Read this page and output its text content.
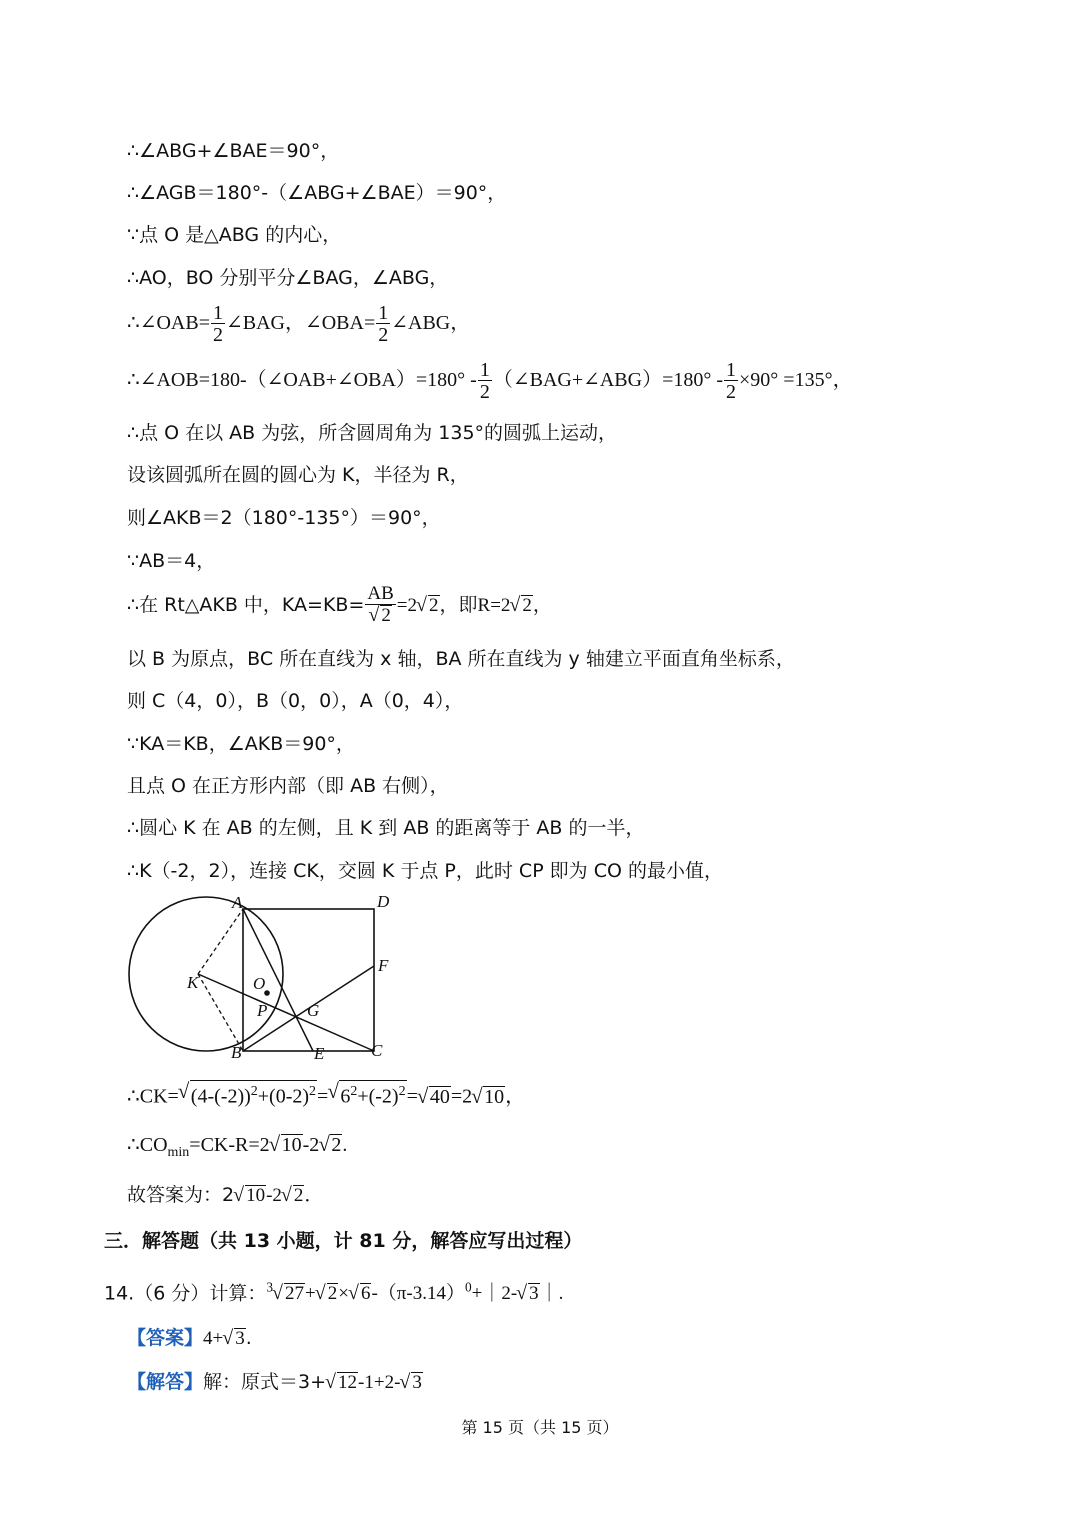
∴∠ABG+∠BAE＝90°，
∴∠AGB＝180°-（∠ABG+∠BAE）＝90°，
∵点 O 是△ABG 的内心，
∴AO，BO 分别平分∠BAG，∠ABG，
∴∠OAB= $\frac{1}{2}$ ∠BAG，∠OBA= $\frac{1}{2}$ ∠ABG，
∴∠AOB=180-（∠OAB+∠OBA）=180° - $\frac{1}{2}$ （∠BAG+∠ABG）=180° - $\frac{1}{2} \times 90^\circ =135^\circ$，
∴点 O 在以 AB 为弦，所含圆周角为 135°的圆弧上运动，
设该圆弧所在圆的圆心为 K，半径为 R，
则∠AKB＝2（180°-135°）＝90°，
∵AB＝4，
∴在 Rt△AKB 中，KA=KB= AB
√ 2 =2√ 2，即R=2√ 2，
以 B 为原点，BC 所在直线为 x 轴，BA 所在直线为 y 轴建立平面直角坐标系，
则 C（4，0），B（0，0），A（0，4），
∵KA＝KB，∠AKB＝90°，
且点 O 在正方形内部（即 AB 右侧），
∴圆心 K 在 AB 的左侧，且 K 到 AB 的距离等于 AB 的一半，
∴K（-2，2），连接 CK，交圆 K 于点 P，此时 CP 即为 CO 的最小值，
A	D
F
K	O
P G
B	E	C
∴CK=√ $(4-(-2))^2+(0-2)^2=√$ $6^2+(-2)^2=√$ 40=2√ 10，
$\therefore CO_{min}=CK-R=2√$ 10-2√ 2.
故答案为：2√ 10-2√ 2．
三．解答题（共 13 小题，计 81 分，解答应写出过程）
14.（6 分）计算：$^3$√ 27+√ 2×√ $6-(\pi-3.14)^0+|2-√$ 3｜.
【答案】4+√ 3.
【解答】解：原式＝3+√ 12-1+2-√ 3
第 15 页（共 15 页）
